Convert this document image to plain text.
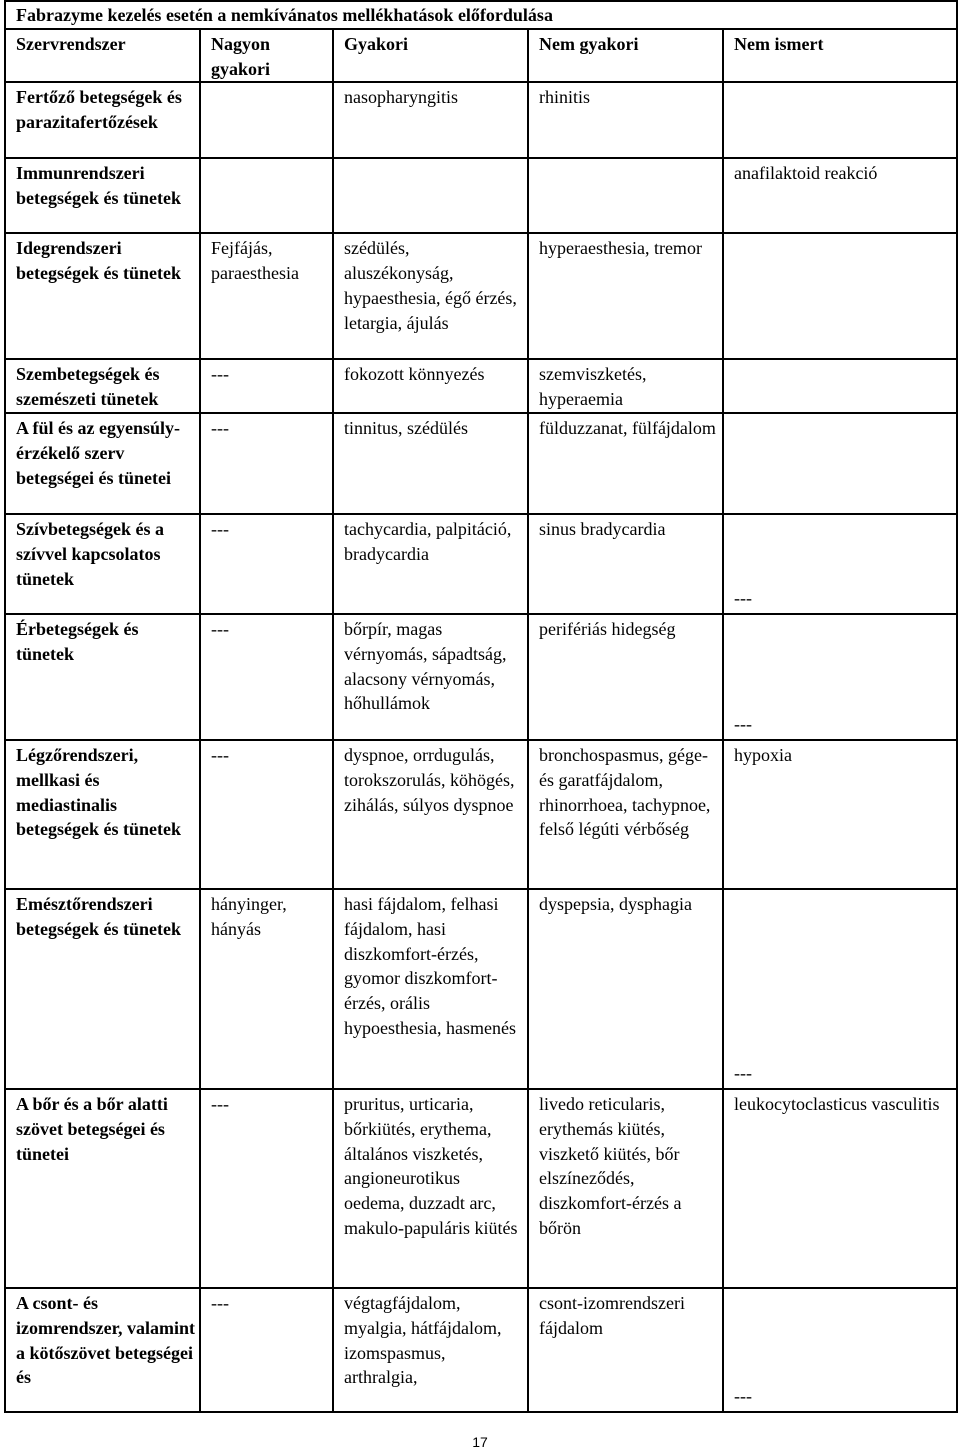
Fabrazyme kezelés esetén a nemkívánatos mellékhatások előfordulása				
Szervrendszer	Nagyon gyakori	Gyakori	Nem gyakori	Nem ismert
Fertőző betegségek és parazitafertőzések		nasopharyngitis	rhinitis	
Immunrendszeri betegségek és tünetek				anafilaktoid reakció
Idegrendszeri betegségek és tünetek	Fejfájás, paraesthesia	szédülés, aluszékonyság, hypaesthesia, égő érzés, letargia, ájulás	hyperaesthesia, tremor	
Szembetegségek és szemészeti tünetek	---	fokozott könnyezés	szemviszketés, hyperaemia	
A fül és az egyensúly-érzékelő szerv betegségei és tünetei	---	tinnitus, szédülés	fülduzzanat, fülfájdalom	
Szívbetegségek és a szívvel kapcsolatos tünetek	---	tachycardia, palpitáció, bradycardia	sinus bradycardia	---

Érbetegségek és tünetek	---	bőrpír, magas vérnyomás, sápadtság, alacsony vérnyomás, hőhullámok	perifériás hidegség	---

Légzőrendszeri, mellkasi és mediastinalis betegségek és tünetek	---	dyspnoe, orrdugulás, torokszorulás, köhögés, zihálás, súlyos dyspnoe	bronchospasmus, gége- és garatfájdalom, rhinorrhoea, tachypnoe, felső légúti vérbőség	hypoxia
Emésztőrendszeri betegségek és tünetek	hányinger, hányás	hasi fájdalom, felhasi fájdalom, hasi diszkomfort-érzés, gyomor diszkomfort-érzés, orális hypoesthesia, hasmenés	dyspepsia, dysphagia	---

A bőr és a bőr alatti szövet betegségei és tünetei	---	pruritus, urticaria, bőrkiütés, erythema, általános viszketés, angioneurotikus oedema, duzzadt arc, makulo-papuláris kiütés	livedo reticularis, erythemás kiütés, viszkető kiütés, bőr elszíneződés, diszkomfort-érzés a bőrön	leukocytoclasticus vasculitis
A csont- és izomrendszer, valamint a kötőszövet betegségei és	---	végtagfájdalom, myalgia, hátfájdalom, izomspasmus, arthralgia,	csont-izomrendszeri fájdalom	---
17
